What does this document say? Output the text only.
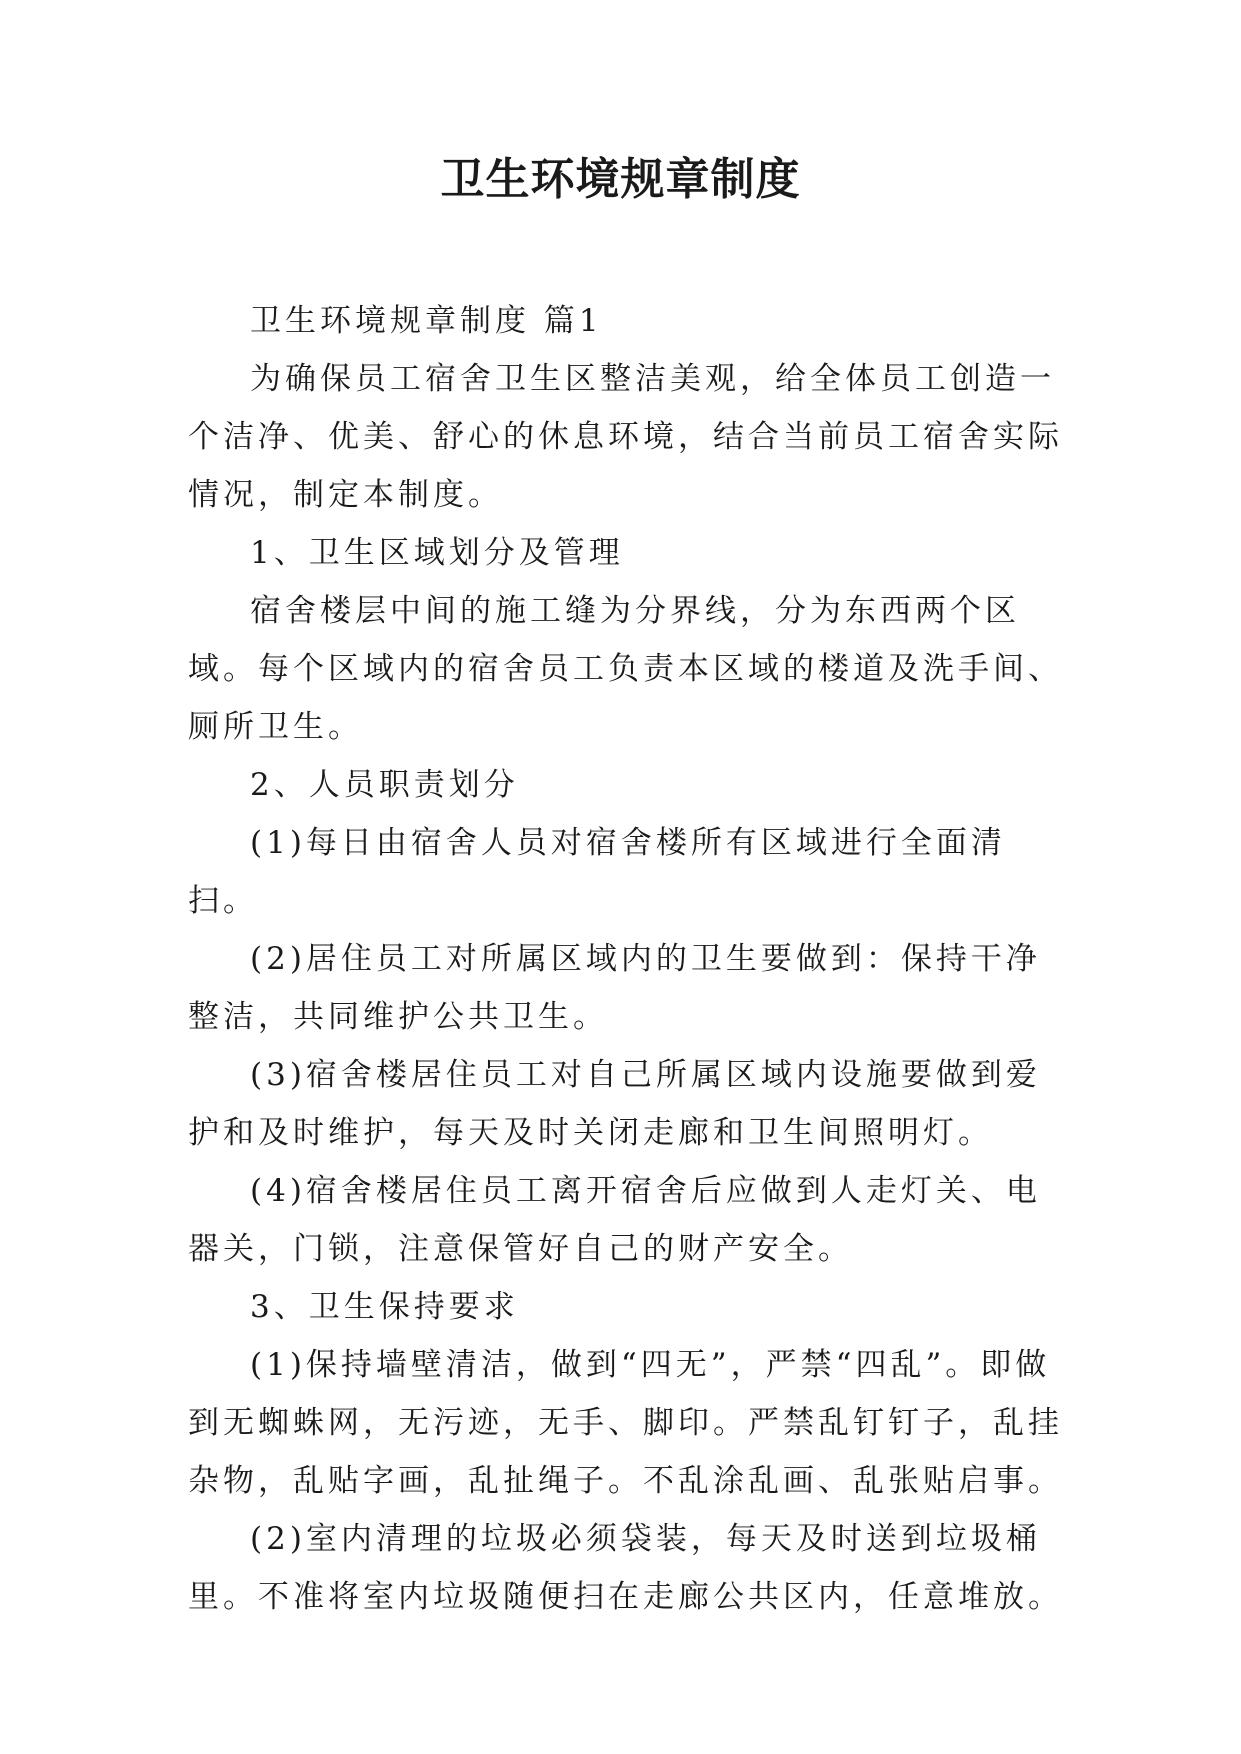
卫生环境规章制度

卫生环境规章制度 篇1

为确保员工宿舍卫生区整洁美观，给全体员工创造一个洁净、优美、舒心的休息环境，结合当前员工宿舍实际情况，制定本制度。

1、卫生区域划分及管理

宿舍楼层中间的施工缝为分界线，分为东西两个区域。每个区域内的宿舍员工负责本区域的楼道及洗手间、厕所卫生。

2、人员职责划分

(1)每日由宿舍人员对宿舍楼所有区域进行全面清扫。

(2)居住员工对所属区域内的卫生要做到：保持干净整洁，共同维护公共卫生。

(3)宿舍楼居住员工对自己所属区域内设施要做到爱护和及时维护，每天及时关闭走廊和卫生间照明灯。

(4)宿舍楼居住员工离开宿舍后应做到人走灯关、电器关，门锁，注意保管好自己的财产安全。

3、卫生保持要求

(1)保持墙壁清洁，做到“四无”，严禁“四乱”。即做到无蜘蛛网，无污迹，无手、脚印。严禁乱钉钉子，乱挂杂物，乱贴字画，乱扯绳子。不乱涂乱画、乱张贴启事。

(2)室内清理的垃圾必须袋装，每天及时送到垃圾桶里。不准将室内垃圾随便扫在走廊公共区内，任意堆放。
